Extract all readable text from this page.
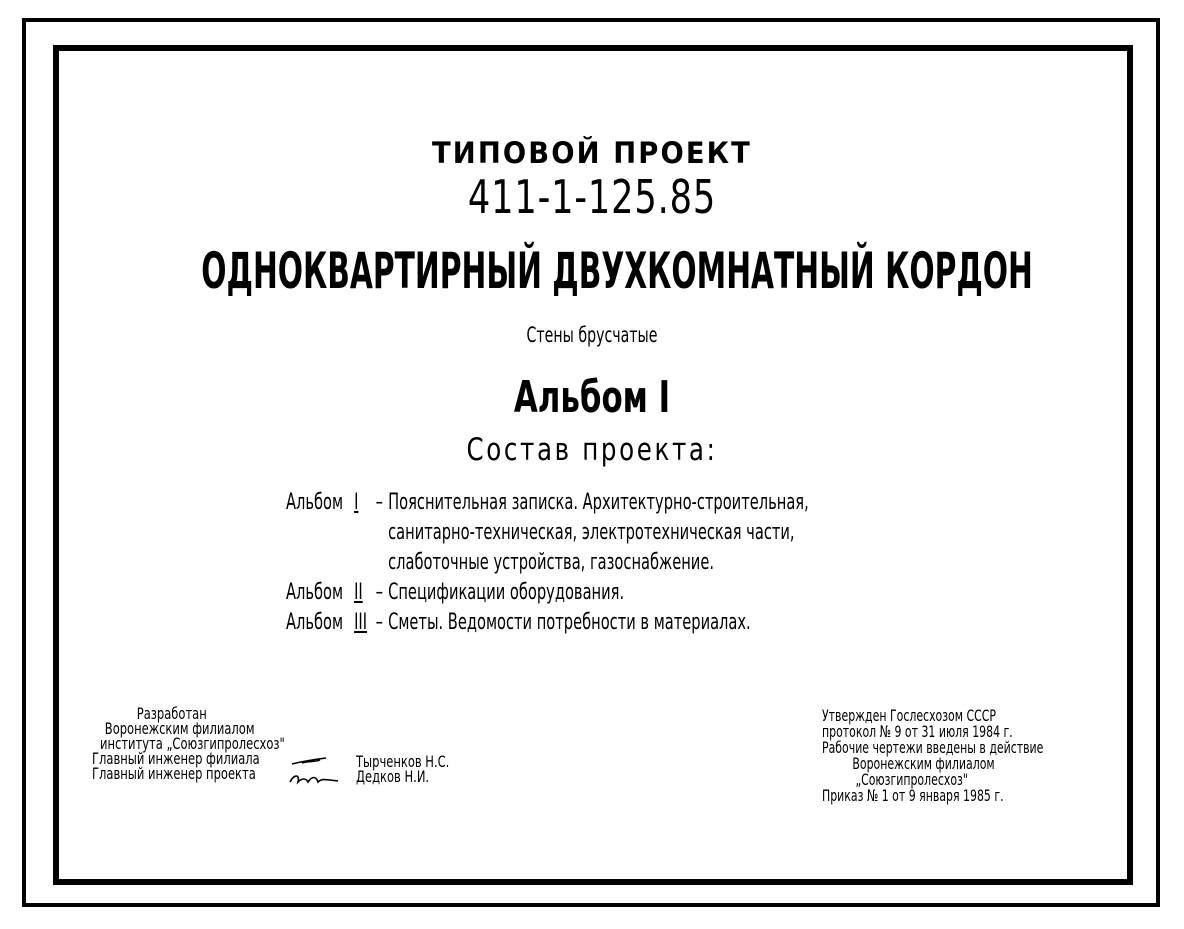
ТИПОВОЙ ПРОЕКТ
411-1-125.85
ОДНОКВАРТИРНЫЙ ДВУХКОМНАТНЫЙ КОРДОН
Стены брусчатые
Альбом I
Состав проекта:
Альбом I – Пояснительная записка. Архитектурно-строительная,
санитарно-техническая, электротехническая части,
слаботочные устройства, газоснабжение.
Альбом II – Спецификации оборудования.
Альбом III – Сметы. Ведомости потребности в материалах.
Разработан
Воронежским филиалом
института „Союзгипролесхоз"
Главный инженер филиала
Главный инженер проекта
Тырченков Н.С.
Дедков Н.И.
Утвержден Гослесхозом СССР
протокол № 9 от 31 июля 1984 г.
Рабочие чертежи введены в действие
Воронежским филиалом
„Союзгипролесхоз"
Приказ № 1 от 9 января 1985 г.
